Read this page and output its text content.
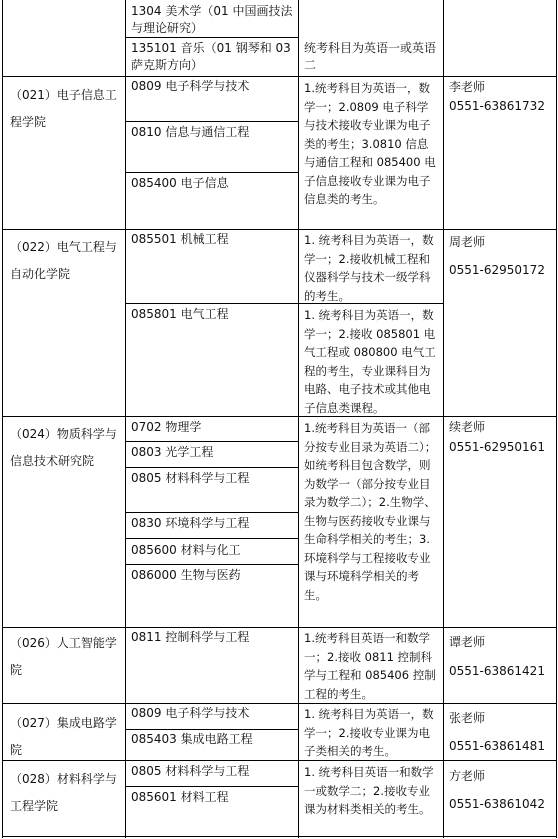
1304 美术学（01 中国画技法与理论研究）
135101 音乐（01 钢琴和 03 萨克斯方向）
统考科目为英语一或英语二
（021）电子信息工程学院
0809 电子科学与技术
0810 信息与通信工程
085400 电子信息
1.统考科目为英语一，数学一；2.0809 电子科学与技术接收专业课为电子类的考生；3.0810 信息与通信工程和 085400 电子信息接收专业课为电子信息类的考生。
李老师
0551-63861732
（022）电气工程与自动化学院
085501 机械工程
085801 电气工程
1. 统考科目为英语一，数学一；2.接收机械工程和仪器科学与技术一级学科的考生。
1. 统考科目为英语一，数学一；2.接收 085801 电气工程或 080800 电气工程的考生，专业课科目为电路、电子技术或其他电子信息类课程。
周老师
0551-62950172
（024）物质科学与信息技术研究院
0702 物理学
0803 光学工程
0805 材料科学与工程
0830 环境科学与工程
085600 材料与化工
086000 生物与医药
1.统考科目为英语一（部分按专业目录为英语二）；如统考科目包含数学，则为数学一（部分按专业目录为数学二）；2.生物学、生物与医药接收专业课与生命科学相关的考生；3.环境科学与工程接收专业课与环境科学相关的考生。
续老师
0551-62950161
（026）人工智能学院
0811 控制科学与工程	1.统考科目英语一和数学一；2.接收 0811 控制科学与工程和 085406 控制工程的考生。
谭老师
0551-63861421
（027）集成电路学院
0809 电子科学与技术
085403 集成电路工程
1. 统考科目为英语一，数学一；2.接收专业课为电子类相关的考生。
张老师
0551-63861481
（028）材料科学与工程学院
0805 材料科学与工程
085601 材料工程
1. 统考科目英语一和数学一或数学二；2.接收专业课为材料类相关的考生。
方老师
0551-63861042
